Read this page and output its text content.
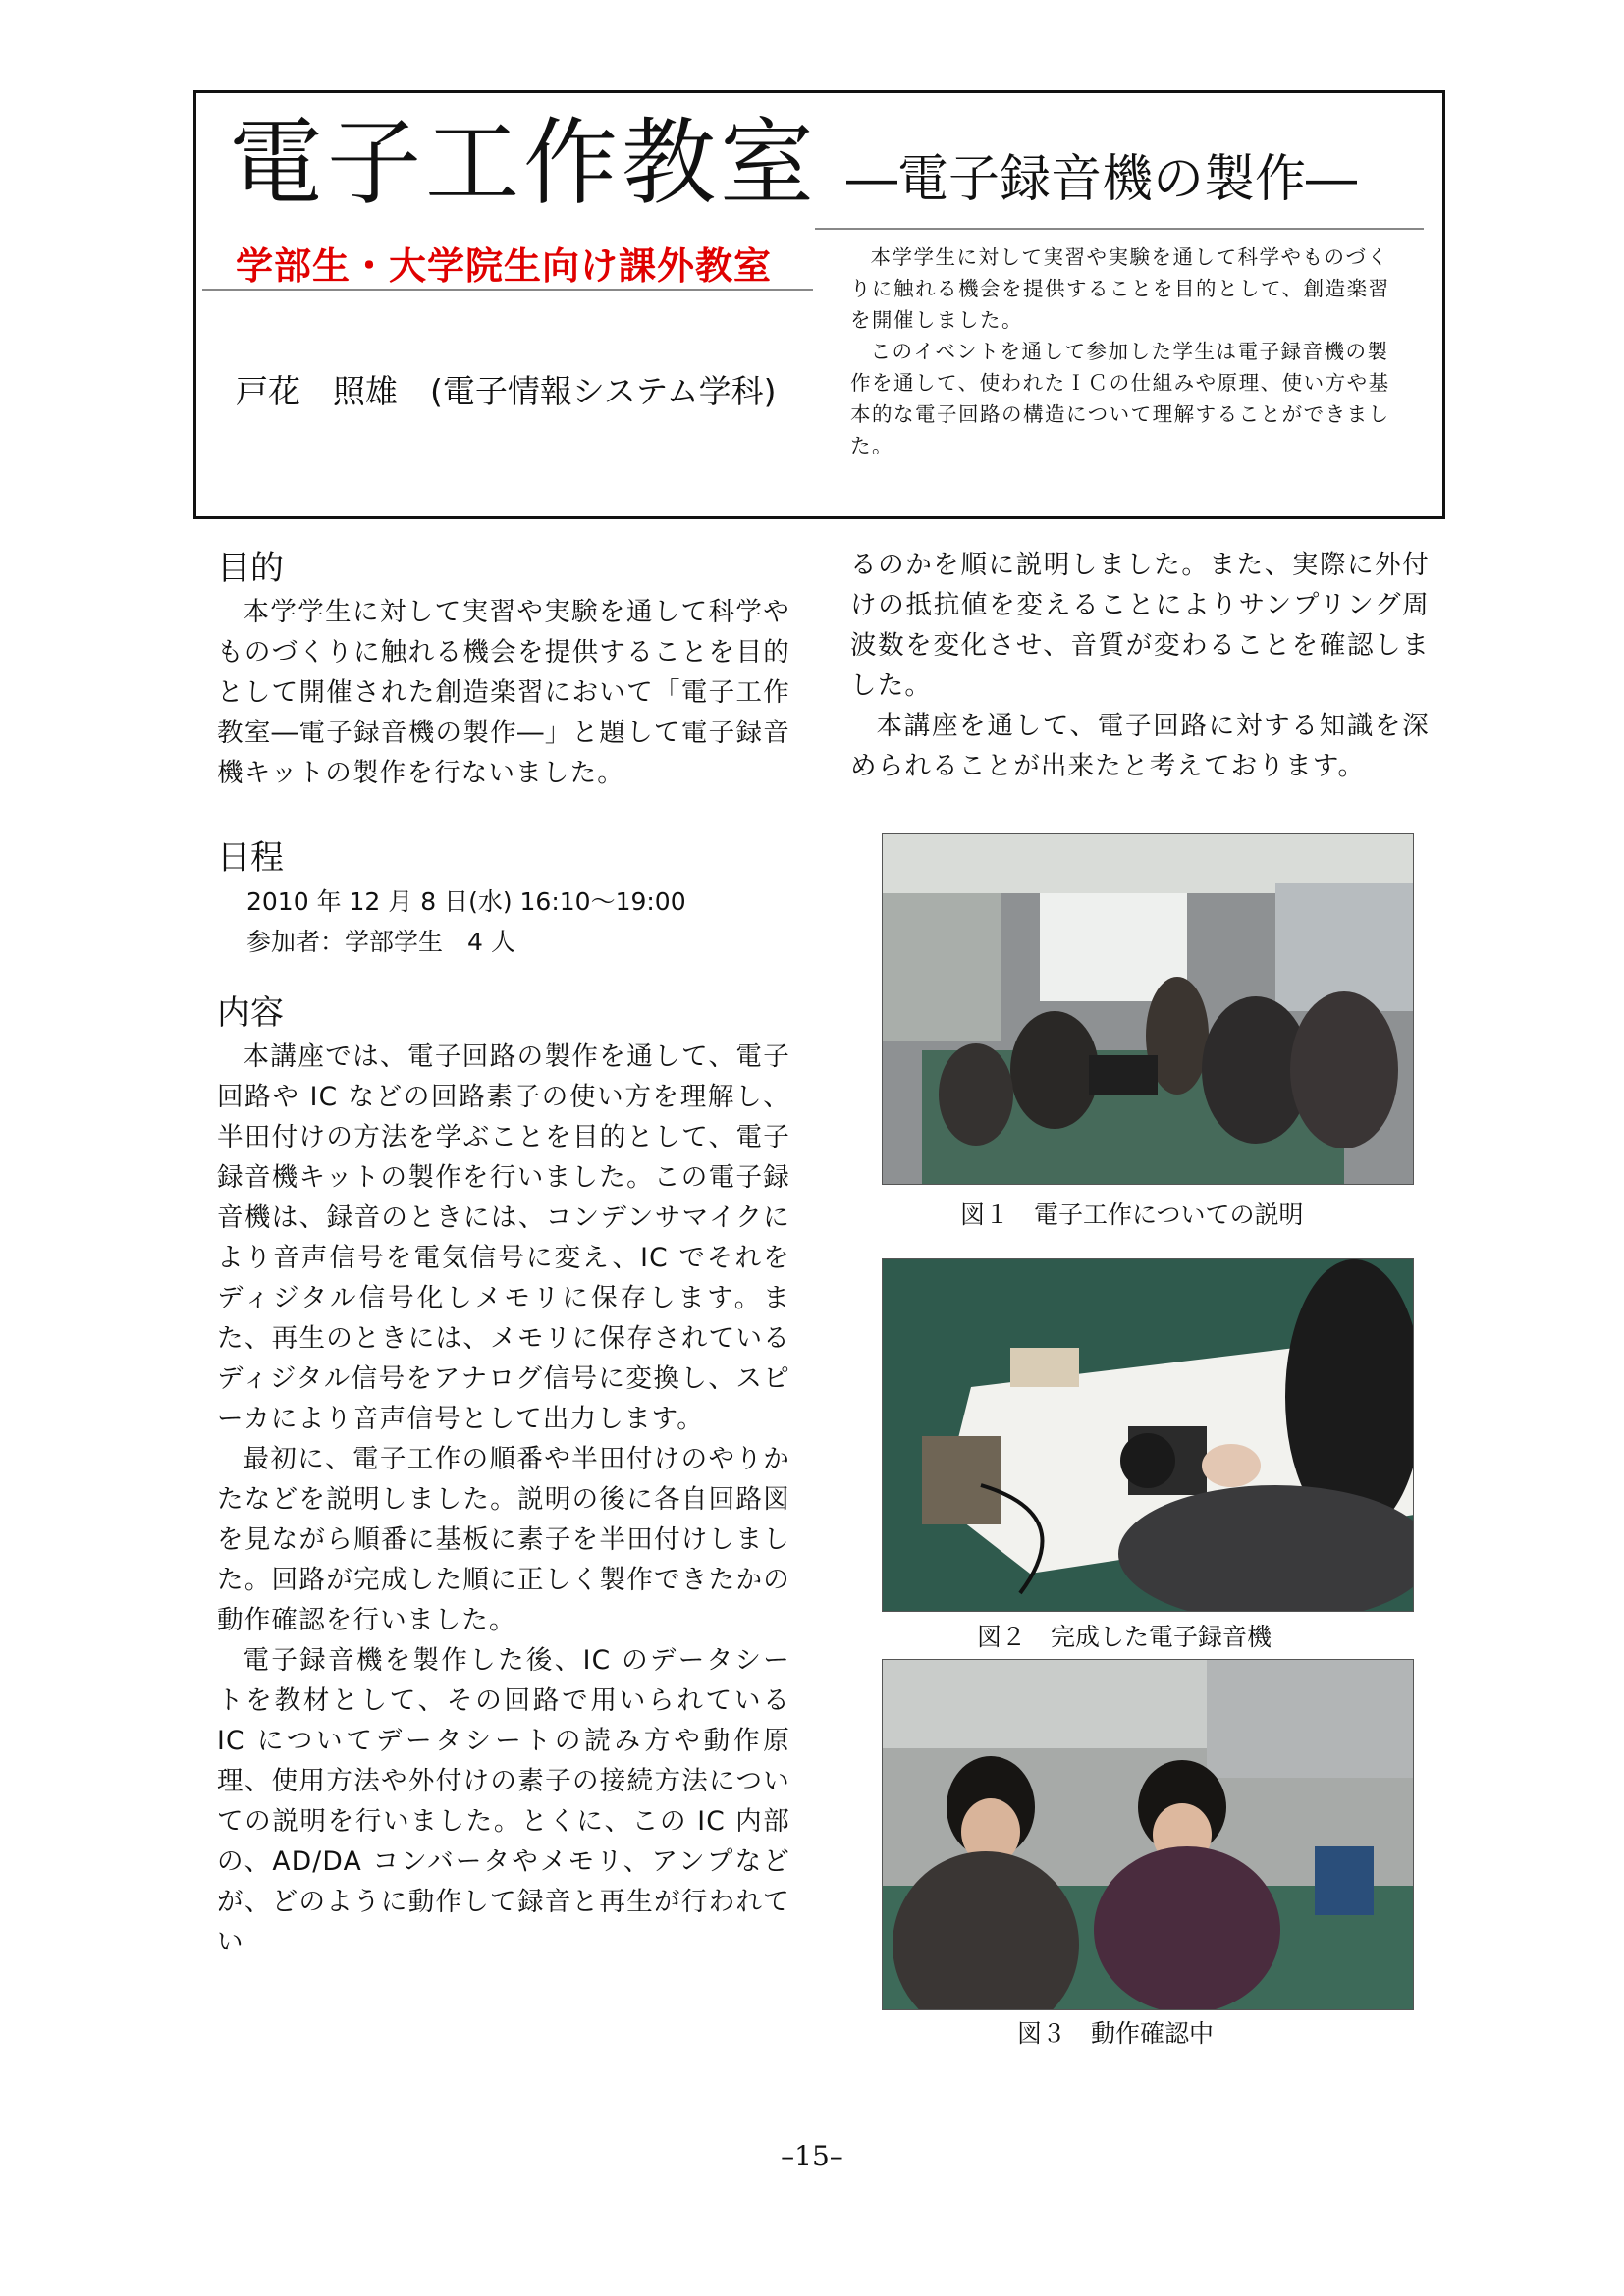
電子工作教室 ―電子録音機の製作―
学部生・大学院生向け課外教室
戸花　照雄　(電子情報システム学科)

本学学生に対して実習や実験を通して科学やものづくりに触れる機会を提供することを目的として、創造楽習を開催しました。

このイベントを通して参加した学生は電子録音機の製作を通して、使われたＩＣの仕組みや原理、使い方や基本的な電子回路の構造について理解することができました。

目的

本学学生に対して実習や実験を通して科学やものづくりに触れる機会を提供することを目的として開催された創造楽習において「電子工作教室―電子録音機の製作―」と題して電子録音機キットの製作を行ないました。

日程

2010 年 12 月 8 日(水) 16:10～19:00

参加者：学部学生　4 人

内容

本講座では、電子回路の製作を通して、電子回路や IC などの回路素子の使い方を理解し、半田付けの方法を学ぶことを目的として、電子録音機キットの製作を行いました。この電子録音機は、録音のときには、コンデンサマイクにより音声信号を電気信号に変え、IC でそれをディジタル信号化しメモリに保存します。また、再生のときには、メモリに保存されているディジタル信号をアナログ信号に変換し、スピーカにより音声信号として出力します。

最初に、電子工作の順番や半田付けのやりかたなどを説明しました。説明の後に各自回路図を見ながら順番に基板に素子を半田付けしました。回路が完成した順に正しく製作できたかの動作確認を行いました。

電子録音機を製作した後、IC のデータシートを教材として、その回路で用いられている IC についてデータシートの読み方や動作原理、使用方法や外付けの素子の接続方法についての説明を行いました。とくに、この IC 内部の、AD/DA コンバータやメモリ、アンプなどが、どのように動作して録音と再生が行われてい

るのかを順に説明しました。また、実際に外付けの抵抗値を変えることによりサンプリング周波数を変化させ、音質が変わることを確認しました。

本講座を通して、電子回路に対する知識を深められることが出来たと考えております。

図１　電子工作についての説明
図２　完成した電子録音機
図３　動作確認中
–15–
